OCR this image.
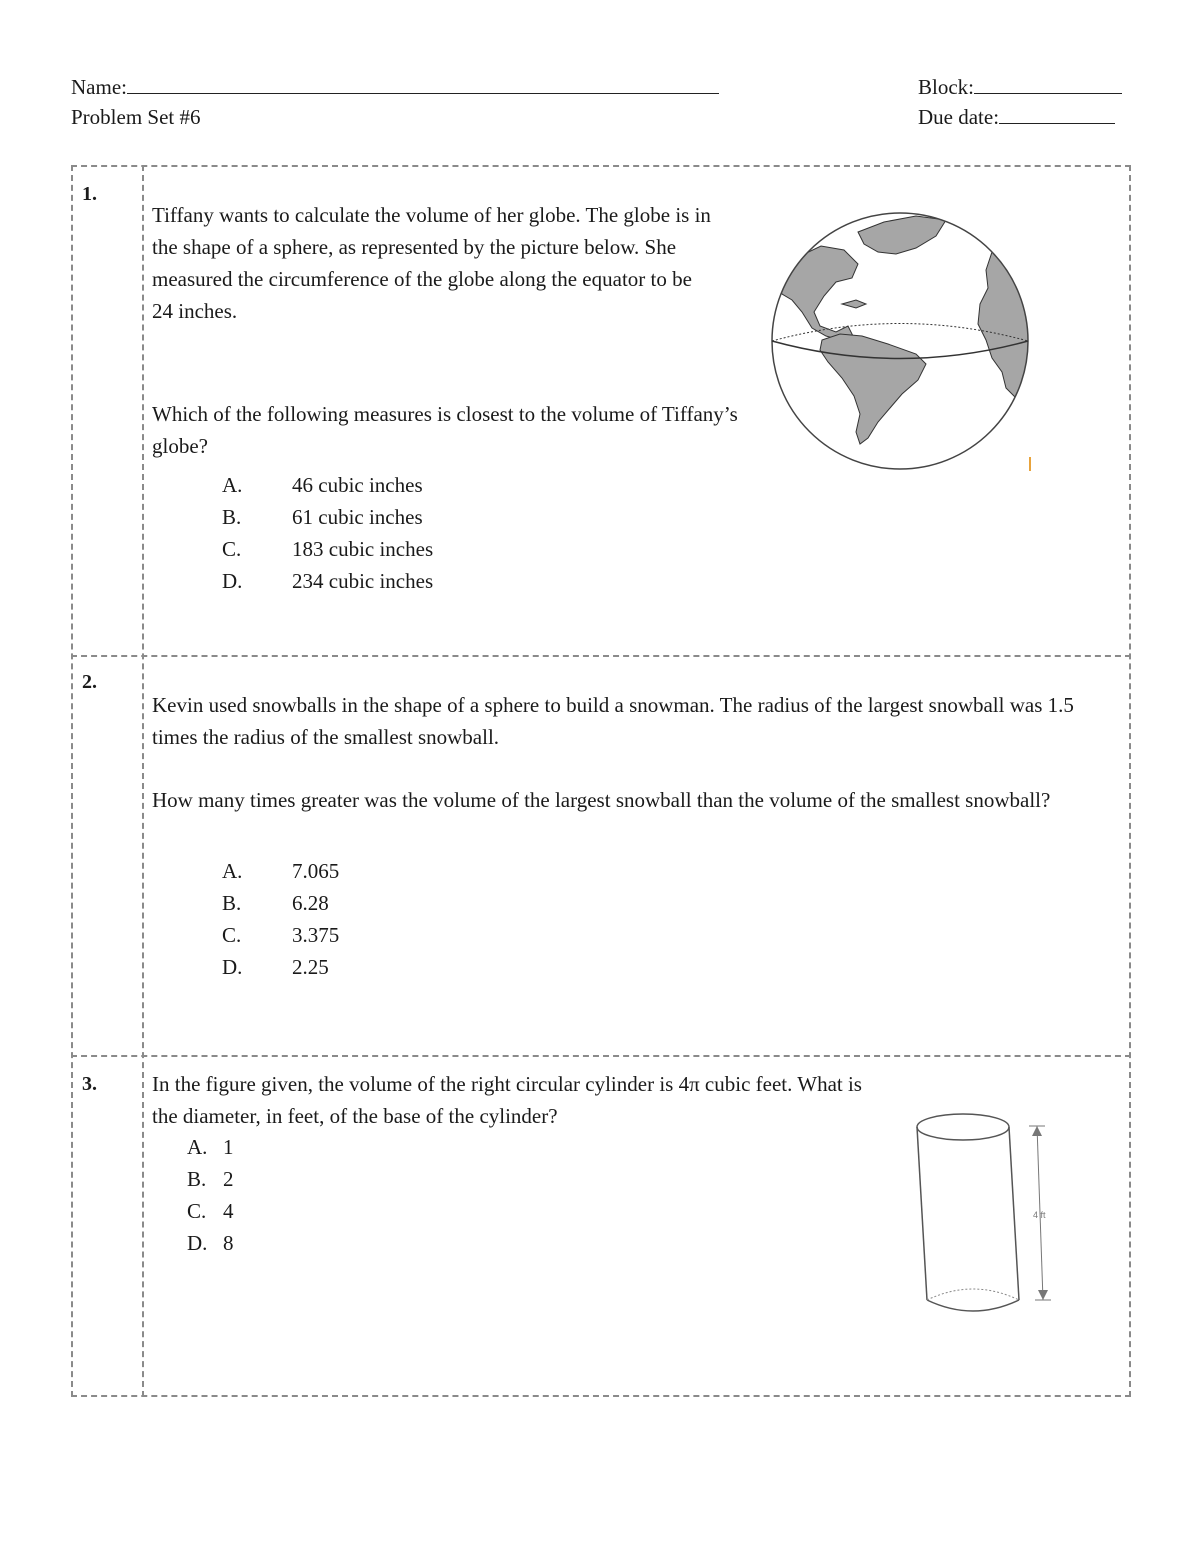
Name:
Problem Set #6
Block:
Due date:
1.

Tiffany wants to calculate the volume of her globe. The globe is in the shape of a sphere, as represented by the picture below. She measured the circumference of the globe along the equator to be 24 inches.

Which of the following measures is closest to the volume of Tiffany’s globe?

A.	46 cubic inches
B.	61 cubic inches
C.	183 cubic inches
D.	234 cubic inches
2.

Kevin used snowballs in the shape of a sphere to build a snowman. The radius of the largest snowball was 1.5 times the radius of the smallest snowball.

How many times greater was the volume of the largest snowball than the volume of the smallest snowball?

A.	7.065
B.	6.28
C.	3.375
D.	2.25
3.	In the figure given, the volume of the right circular cylinder is 4π cubic feet. What is the diameter, in feet, of the base of the cylinder?

A. 1
B. 2
C. 4
D. 8
4 ft
